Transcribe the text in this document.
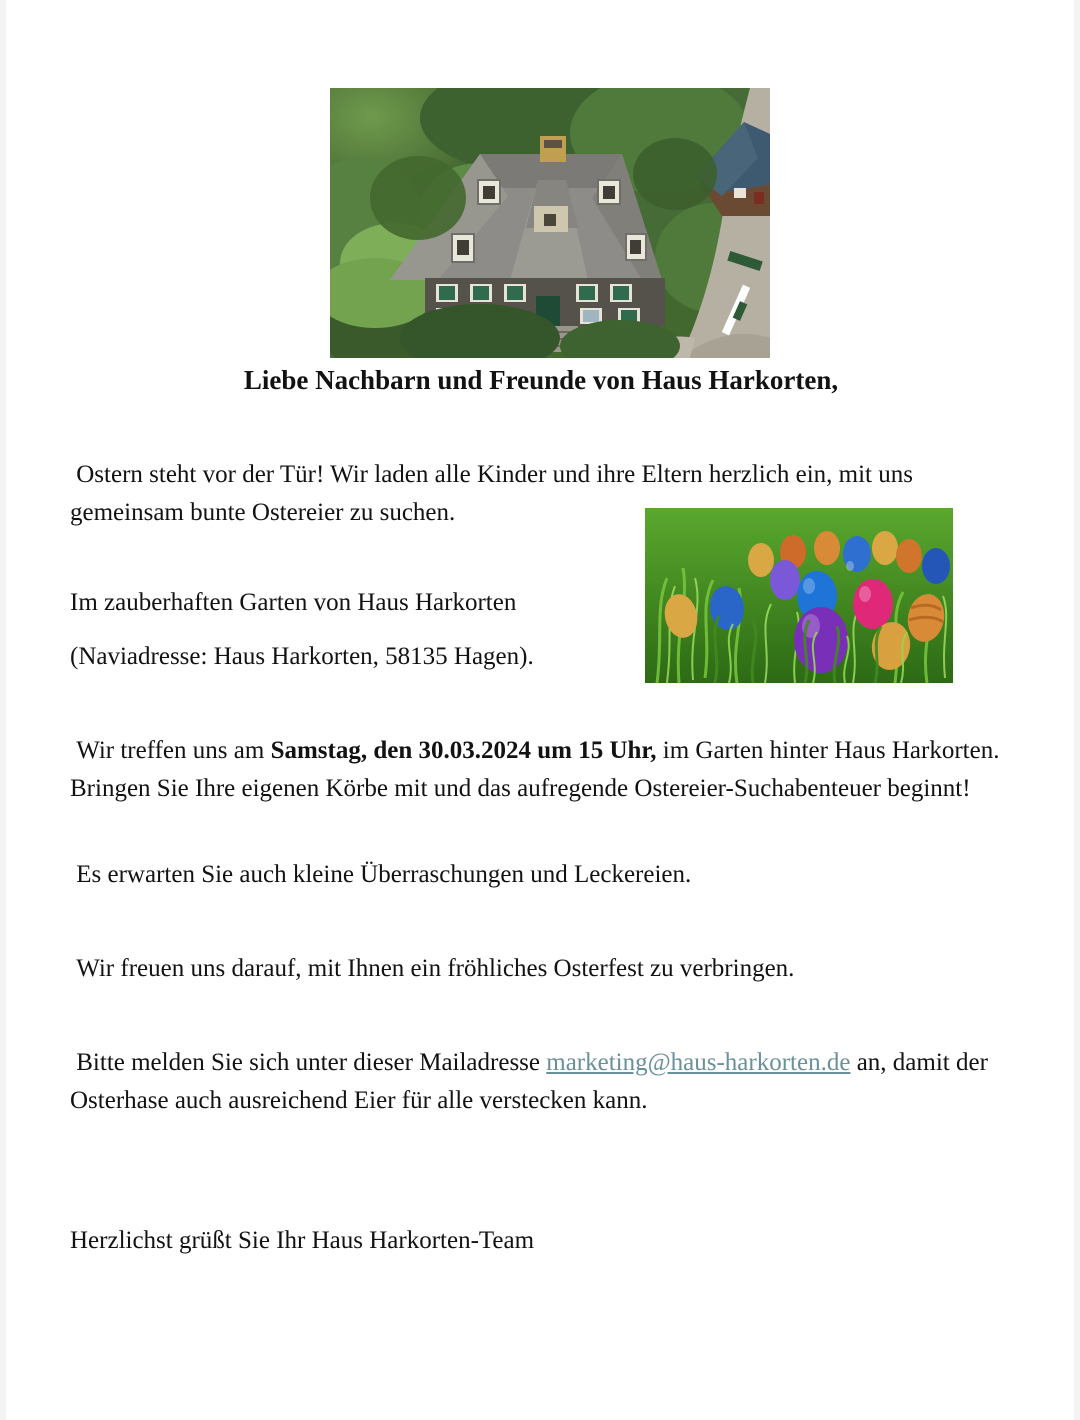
Liebe Nachbarn und Freunde von Haus Harkorten,

Ostern steht vor der Tür! Wir laden alle Kinder und ihre Eltern herzlich ein, mit uns gemeinsam bunte Ostereier zu suchen.

Im zauberhaften Garten von Haus Harkorten

(Naviadresse: Haus Harkorten, 58135 Hagen).

Wir treffen uns am Samstag, den 30.03.2024 um 15 Uhr, im Garten hinter Haus Harkorten. Bringen Sie Ihre eigenen Körbe mit und das aufregende Ostereier-Suchabenteuer beginnt!

Es erwarten Sie auch kleine Überraschungen und Leckereien.

Wir freuen uns darauf, mit Ihnen ein fröhliches Osterfest zu verbringen.

Bitte melden Sie sich unter dieser Mailadresse marketing@haus-harkorten.de an, damit der Osterhase auch ausreichend Eier für alle verstecken kann.

Herzlichst grüßt Sie Ihr Haus Harkorten-Team
